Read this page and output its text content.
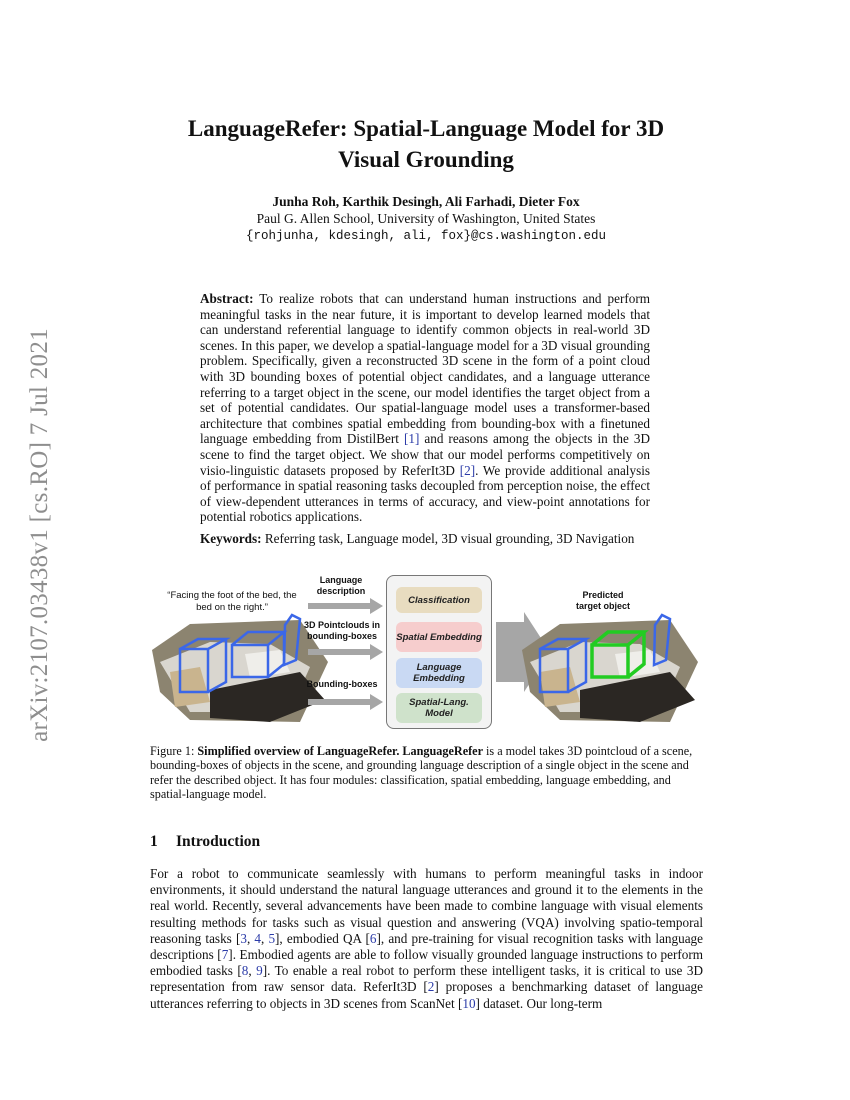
arXiv:2107.03438v1 [cs.RO] 7 Jul 2021
LanguageRefer: Spatial-Language Model for 3D
Visual Grounding
Junha Roh, Karthik Desingh, Ali Farhadi, Dieter Fox
Paul G. Allen School, University of Washington, United States
{rohjunha, kdesingh, ali, fox}@cs.washington.edu

Abstract: To realize robots that can understand human instructions and perform meaningful tasks in the near future, it is important to develop learned models that can understand referential language to identify common objects in real-world 3D scenes. In this paper, we develop a spatial-language model for a 3D visual grounding problem. Specifically, given a reconstructed 3D scene in the form of a point cloud with 3D bounding boxes of potential object candidates, and a language utterance referring to a target object in the scene, our model identifies the target object from a set of potential candidates. Our spatial-language model uses a transformer-based architecture that combines spatial embedding from bounding-box with a finetuned language embedding from DistilBert [1] and reasons among the objects in the 3D scene to find the target object. We show that our model performs competitively on visio-linguistic datasets proposed by ReferIt3D [2]. We provide additional analysis of performance in spatial reasoning tasks decoupled from perception noise, the effect of view-dependent utterances in terms of accuracy, and view-point annotations for potential robotics applications.

Keywords: Referring task, Language model, 3D visual grounding, 3D Navigation

“Facing the foot of the bed, the bed on the right.”
Language description
3D Pointclouds in bounding-boxes
Bounding-boxes
Classification
Spatial Embedding
Language Embedding
Spatial-Lang. Model
Predicted target object

Figure 1: Simplified overview of LanguageRefer. LanguageRefer is a model takes 3D pointcloud of a scene, bounding-boxes of objects in the scene, and grounding language description of a single object in the scene and refer the described object. It has four modules: classification, spatial embedding, language embedding, and spatial-language model.

1 Introduction

For a robot to communicate seamlessly with humans to perform meaningful tasks in indoor environments, it should understand the natural language utterances and ground it to the elements in the real world. Recently, several advancements have been made to combine language with visual elements resulting methods for tasks such as visual question and answering (VQA) involving spatio-temporal reasoning tasks [3, 4, 5], embodied QA [6], and pre-training for visual recognition tasks with language descriptions [7]. Embodied agents are able to follow visually grounded language instructions to perform embodied tasks [8, 9]. To enable a real robot to perform these intelligent tasks, it is critical to use 3D representation from raw sensor data. ReferIt3D [2] proposes a benchmarking dataset of language utterances referring to objects in 3D scenes from ScanNet [10] dataset. Our long-term
